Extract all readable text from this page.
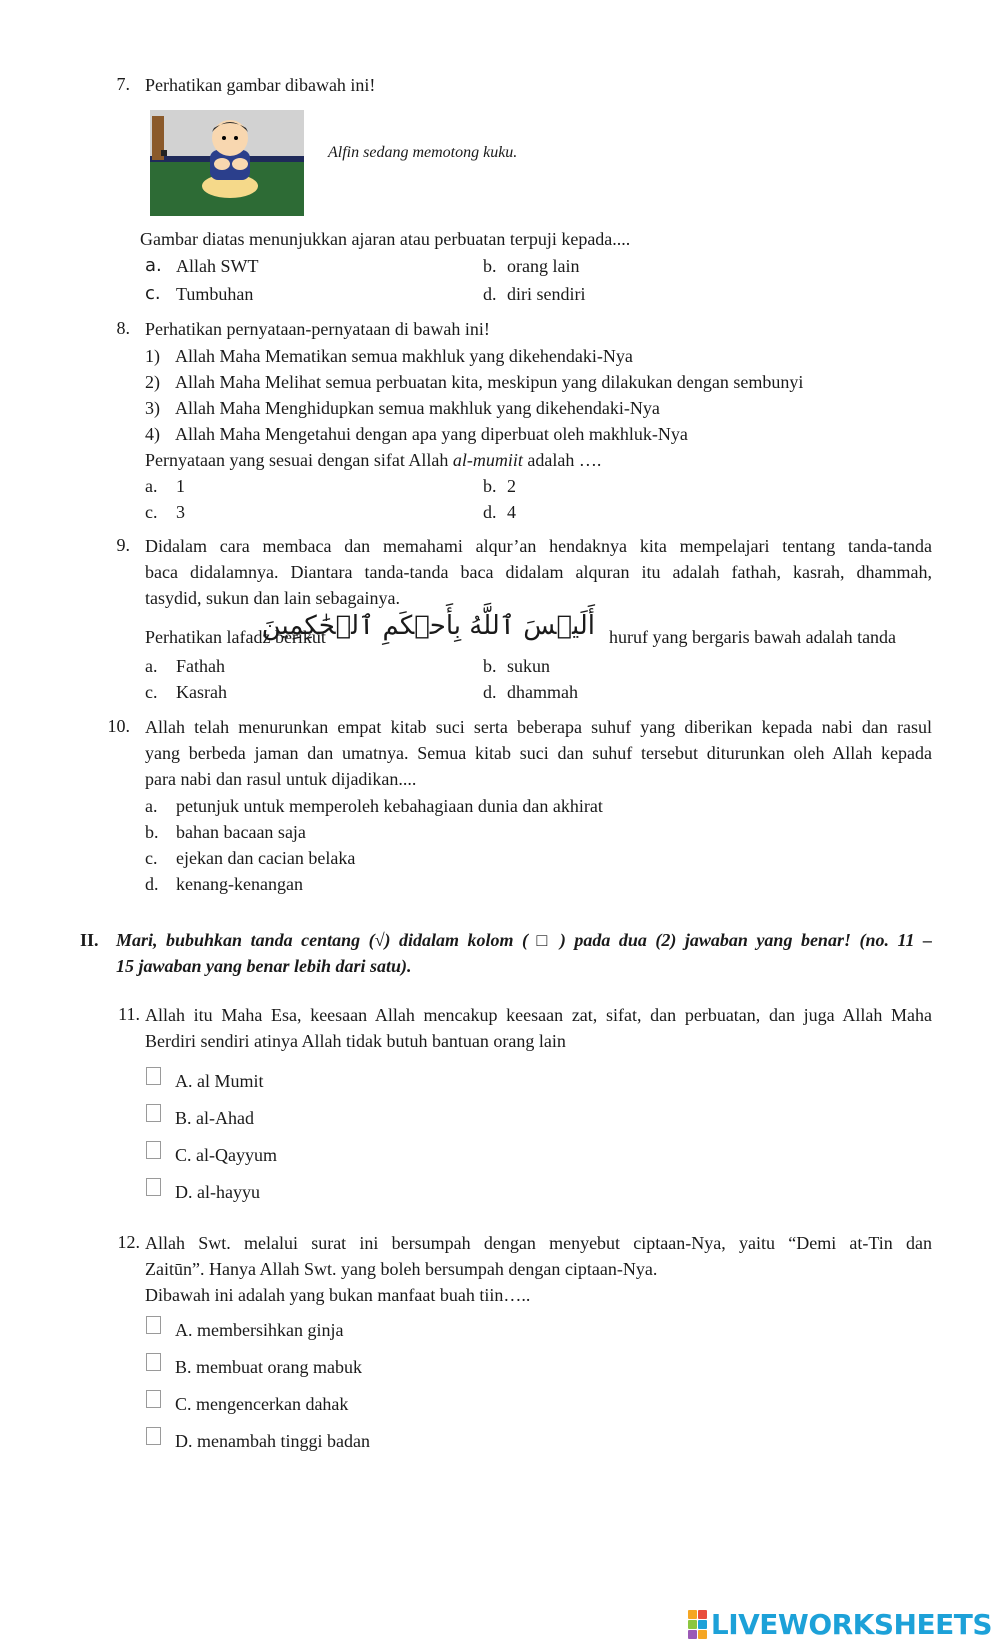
7. Perhatikan gambar dibawah ini!
Alfin sedang memotong kuku.
Gambar diatas menunjukkan ajaran atau perbuatan terpuji kepada....
a. Allah SWT	b. orang lain
c. Tumbuhan	d. diri sendiri
8. Perhatikan pernyataan-pernyataan di bawah ini!
1) Allah Maha Mematikan semua makhluk yang dikehendaki-Nya
2) Allah Maha Melihat semua perbuatan kita, meskipun yang dilakukan dengan sembunyi
3) Allah Maha Menghidupkan semua makhluk yang dikehendaki-Nya
4) Allah Maha Mengetahui dengan apa yang diperbuat oleh makhluk-Nya
Pernyataan yang sesuai dengan sifat Allah al-mumiit adalah ….
a. 1	b. 2
c. 3	d. 4
9. Didalam cara membaca dan memahami alqur’an hendaknya kita mempelajari tentang tanda-tanda
baca didalamnya. Diantara tanda-tanda baca didalam alquran itu adalah fathah, kasrah, dhammah,
tasydid, sukun dan lain sebagainya.
Perhatikan lafadz berikut
أَلَيۡسَ ٱللَّهُ بِأَحۡكَمِ ٱلۡحَٰكِمِينَ huruf yang bergaris bawah adalah tanda
a. Fathah	b. sukun
c. Kasrah	d. dhammah
10. Allah telah menurunkan empat kitab suci serta beberapa suhuf yang diberikan kepada nabi dan rasul
yang berbeda jaman dan umatnya. Semua kitab suci dan suhuf tersebut diturunkan oleh Allah kepada
para nabi dan rasul untuk dijadikan....
a. petunjuk untuk memperoleh kebahagiaan dunia dan akhirat
b. bahan bacaan saja
c. ejekan dan cacian belaka
d. kenang-kenangan
II. Mari, bubuhkan tanda centang (√) didalam kolom ( □ ) pada dua (2) jawaban yang benar! (no. 11 –
15 jawaban yang benar lebih dari satu).
11. Allah itu Maha Esa, keesaan Allah mencakup keesaan zat, sifat, dan perbuatan, dan juga Allah Maha
Berdiri sendiri atinya Allah tidak butuh bantuan orang lain
A. al Mumit
B. al-Ahad
C. al-Qayyum
D. al-hayyu
12. Allah Swt. melalui surat ini bersumpah dengan menyebut ciptaan-Nya, yaitu “Demi at-Tin dan
Zaitūn”. Hanya Allah Swt. yang boleh bersumpah dengan ciptaan-Nya.
Dibawah ini adalah yang bukan manfaat buah tiin…..
A. membersihkan ginja
B. membuat orang mabuk
C. mengencerkan dahak
D. menambah tinggi badan
LIVEWORKSHEETS
